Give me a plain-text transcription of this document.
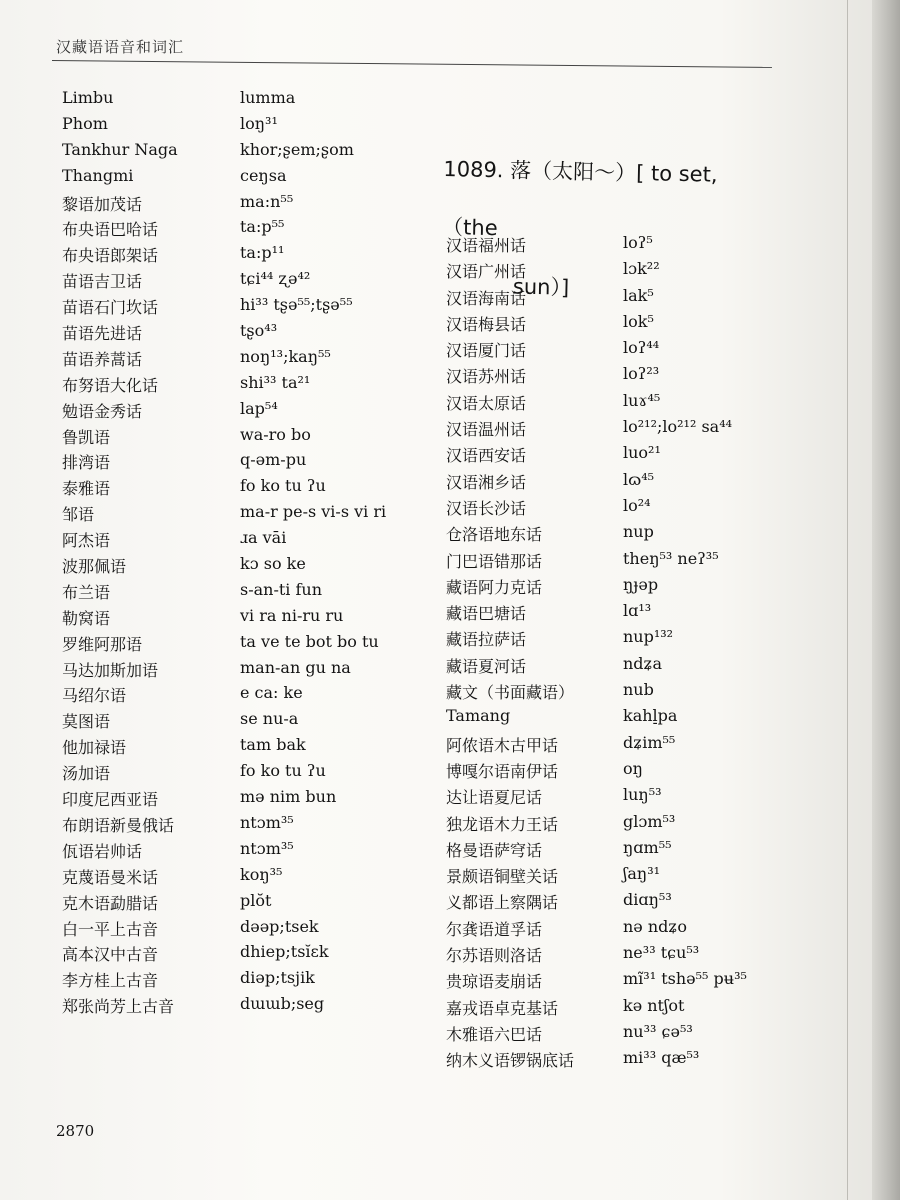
汉藏语语音和词汇
Limbu	lumma
Phom	loŋ³¹
Tankhur Naga	khor;ʂem;ʂom
Thangmi	ceŋsa
黎语加茂话	ma:n⁵⁵
布央语巴哈话	ta:p⁵⁵
布央语郎架话	ta:p¹¹
苗语吉卫话	tɕi⁴⁴ ʐə⁴²
苗语石门坎话	hi³³ tʂə⁵⁵;tʂə⁵⁵
苗语先进话	tʂo⁴³
苗语养蒿话	noŋ¹³;kaŋ⁵⁵
布努语大化话	shi³³ ta²¹
勉语金秀话	lap⁵⁴
鲁凯语	wa-ro bo
排湾语	q-əm-pu
泰雅语	fo ko tu ʔu
邹语	ma-r pe-s vi-s vi ri
阿杰语	ɹa vāi
波那佩语	kɔ so ke
布兰语	s-an-ti fun
勒窝语	vi ra ni-ru ru
罗维阿那语	ta ve te bot bo tu
马达加斯加语	man-an gu na
马绍尔语	e ca: ke
莫图语	se nu-a
他加禄语	tam bak
汤加语	fo ko tu ʔu
印度尼西亚语	mə nim bun
布朗语新曼俄话	ntɔm³⁵
佤语岩帅话	ntɔm³⁵
克蔑语曼米话	koŋ³⁵
克木语勐腊话	plŏt
白一平上古音	dəəp;tsek
高本汉中古音	dhiep;tsĭɛk
李方桂上古音	diəp;tsjik
郑张尚芳上古音	dɯɯb;seg
1089. 落（太阳～）[ to set, （the
sun）]
汉语福州话	loʔ⁵
汉语广州话	lɔk²²
汉语海南话	lak⁵
汉语梅县话	lok⁵
汉语厦门话	loʔ⁴⁴
汉语苏州话	loʔ²³
汉语太原话	luɤ⁴⁵
汉语温州话	lo²¹²;lo²¹² sa⁴⁴
汉语西安话	luo²¹
汉语湘乡话	lɷ⁴⁵
汉语长沙话	lo²⁴
仓洛语地东话	nup
门巴语错那话	theŋ⁵³ neʔ³⁵
藏语阿力克话	ŋɟəp
藏语巴塘话	lɑ¹³
藏语拉萨话	nup¹³²
藏语夏河话	ndʑa
藏文（书面藏语）	nub
Tamang	kahl̠pa
阿侬语木古甲话	dʑim⁵⁵
博嘎尔语南伊话	oŋ
达让语夏尼话	luŋ⁵³
独龙语木力王话	glɔm⁵³
格曼语萨穹话	ŋɑm⁵⁵
景颇语铜壁关话	ʃaŋ³¹
义都语上察隅话	diɑŋ⁵³
尔龚语道孚话	nə ndʑo
尔苏语则洛话	ne³³ tɕu⁵³
贵琼语麦崩话	mĩ³¹ tshə⁵⁵ pʉ³⁵
嘉戎语卓克基话	kə ntʃot
木雅语六巴话	nu³³ ɕə⁵³
纳木义语锣锅底话	mi³³ qæ⁵³
2870
